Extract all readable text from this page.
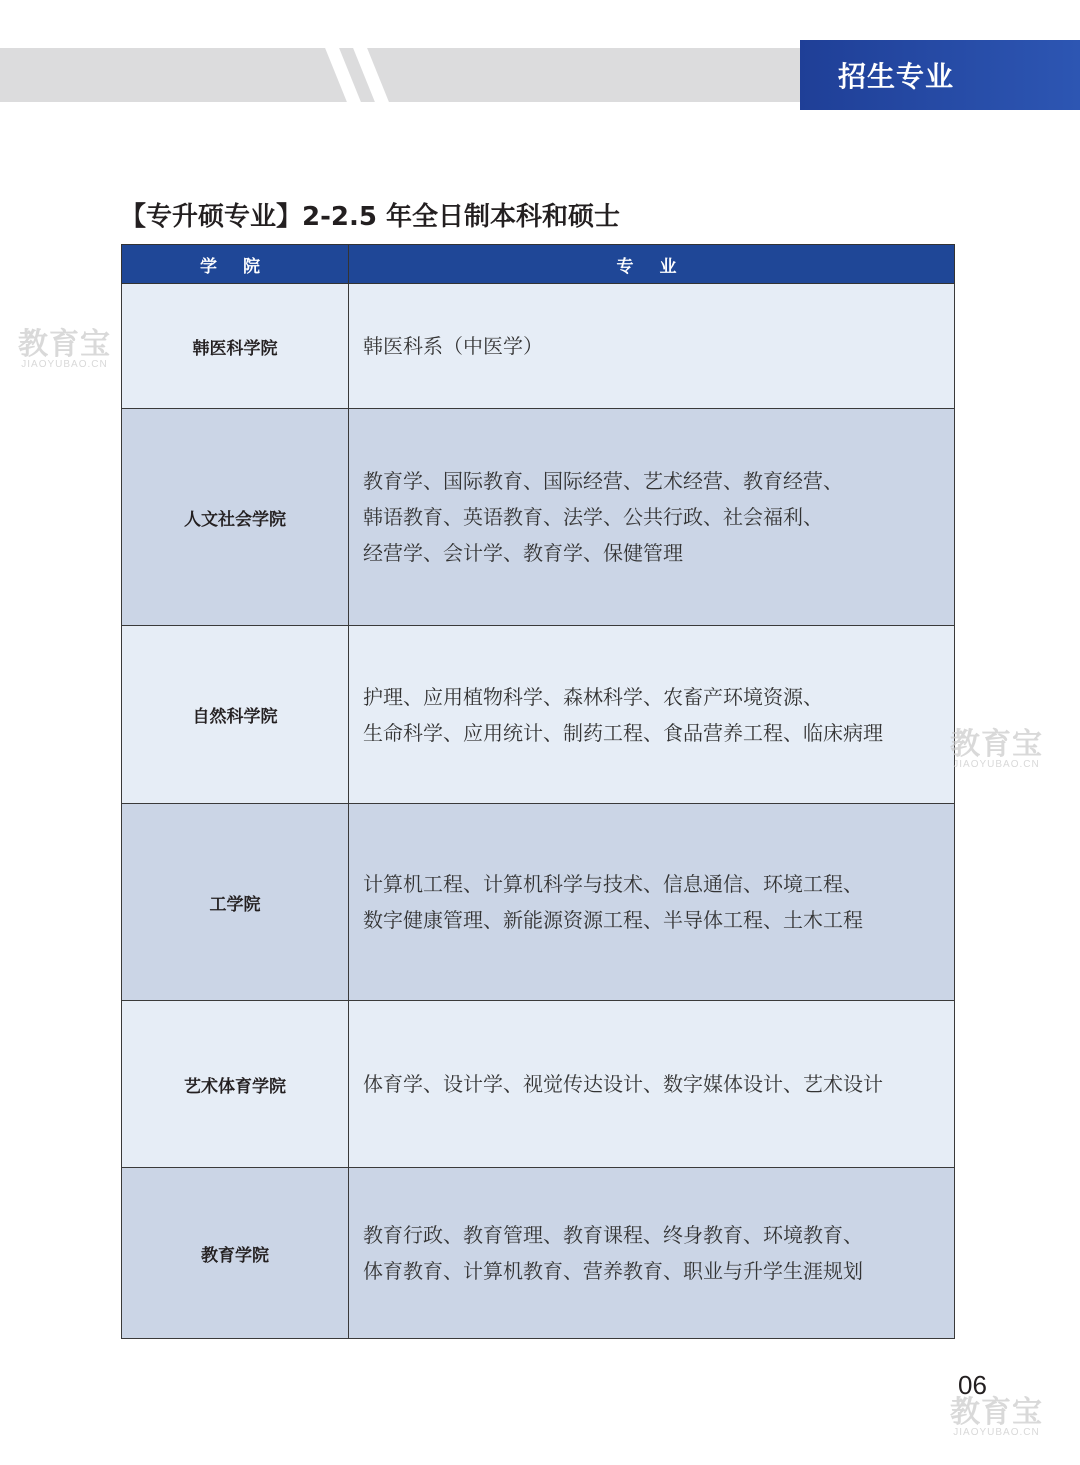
招生专业
【专升硕专业】2-2.5 年全日制本科和硕士
学 院	专 业
韩医科学院	韩医科系（中医学）

人文社会学院	教育学、国际教育、国际经营、艺术经营、教育经营、
韩语教育、英语教育、法学、公共行政、社会福利、
经营学、会计学、教育学、保健管理

自然科学院	护理、应用植物科学、森林科学、农畜产环境资源、
生命科学、应用统计、制药工程、食品营养工程、临床病理

工学院	计算机工程、计算机科学与技术、信息通信、环境工程、
数字健康管理、新能源资源工程、半导体工程、土木工程

艺术体育学院	体育学、设计学、视觉传达设计、数字媒体设计、艺术设计

教育学院	教育行政、教育管理、教育课程、终身教育、环境教育、
体育教育、计算机教育、营养教育、职业与升学生涯规划
06
教育宝
JIAOYUBAO.CN
教育宝
JIAOYUBAO.CN
教育宝
JIAOYUBAO.CN
